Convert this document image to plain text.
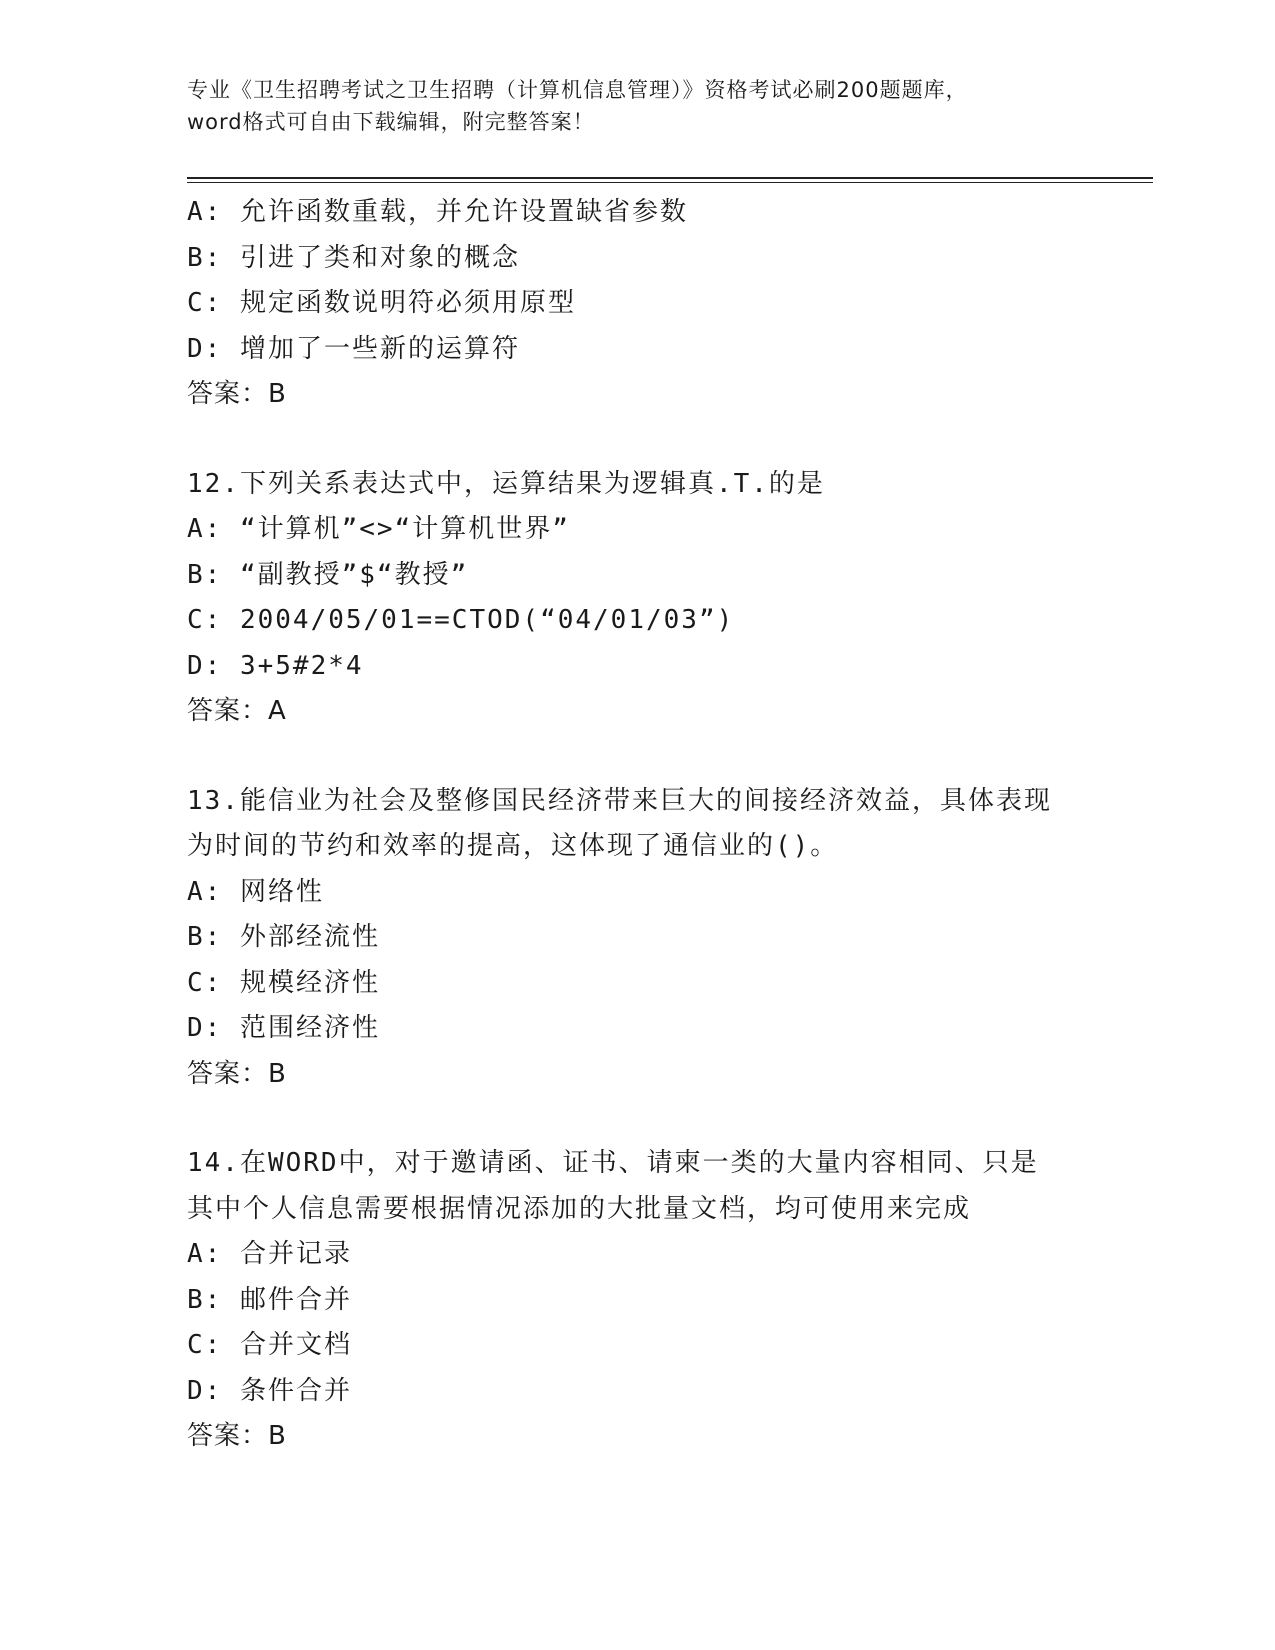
专业《卫生招聘考试之卫生招聘（计算机信息管理）》资格考试必刷200题题库，
word格式可自由下载编辑，附完整答案！
A: 允许函数重载，并允许设置缺省参数
B: 引进了类和对象的概念
C: 规定函数说明符必须用原型
D: 增加了一些新的运算符
答案：B
12.下列关系表达式中，运算结果为逻辑真.T.的是
A: “计算机”<>“计算机世界”
B: “副教授”$“教授”
C: 2004/05/01==CTOD(“04/01/03”)
D: 3+5#2*4
答案：A
13.能信业为社会及整修国民经济带来巨大的间接经济效益，具体表现
为时间的节约和效率的提高，这体现了通信业的()。
A: 网络性
B: 外部经流性
C: 规模经济性
D: 范围经济性
答案：B
14.在WORD中，对于邀请函、证书、请柬一类的大量内容相同、只是
其中个人信息需要根据情况添加的大批量文档，均可使用来完成
A: 合并记录
B: 邮件合并
C: 合并文档
D: 条件合并
答案：B
